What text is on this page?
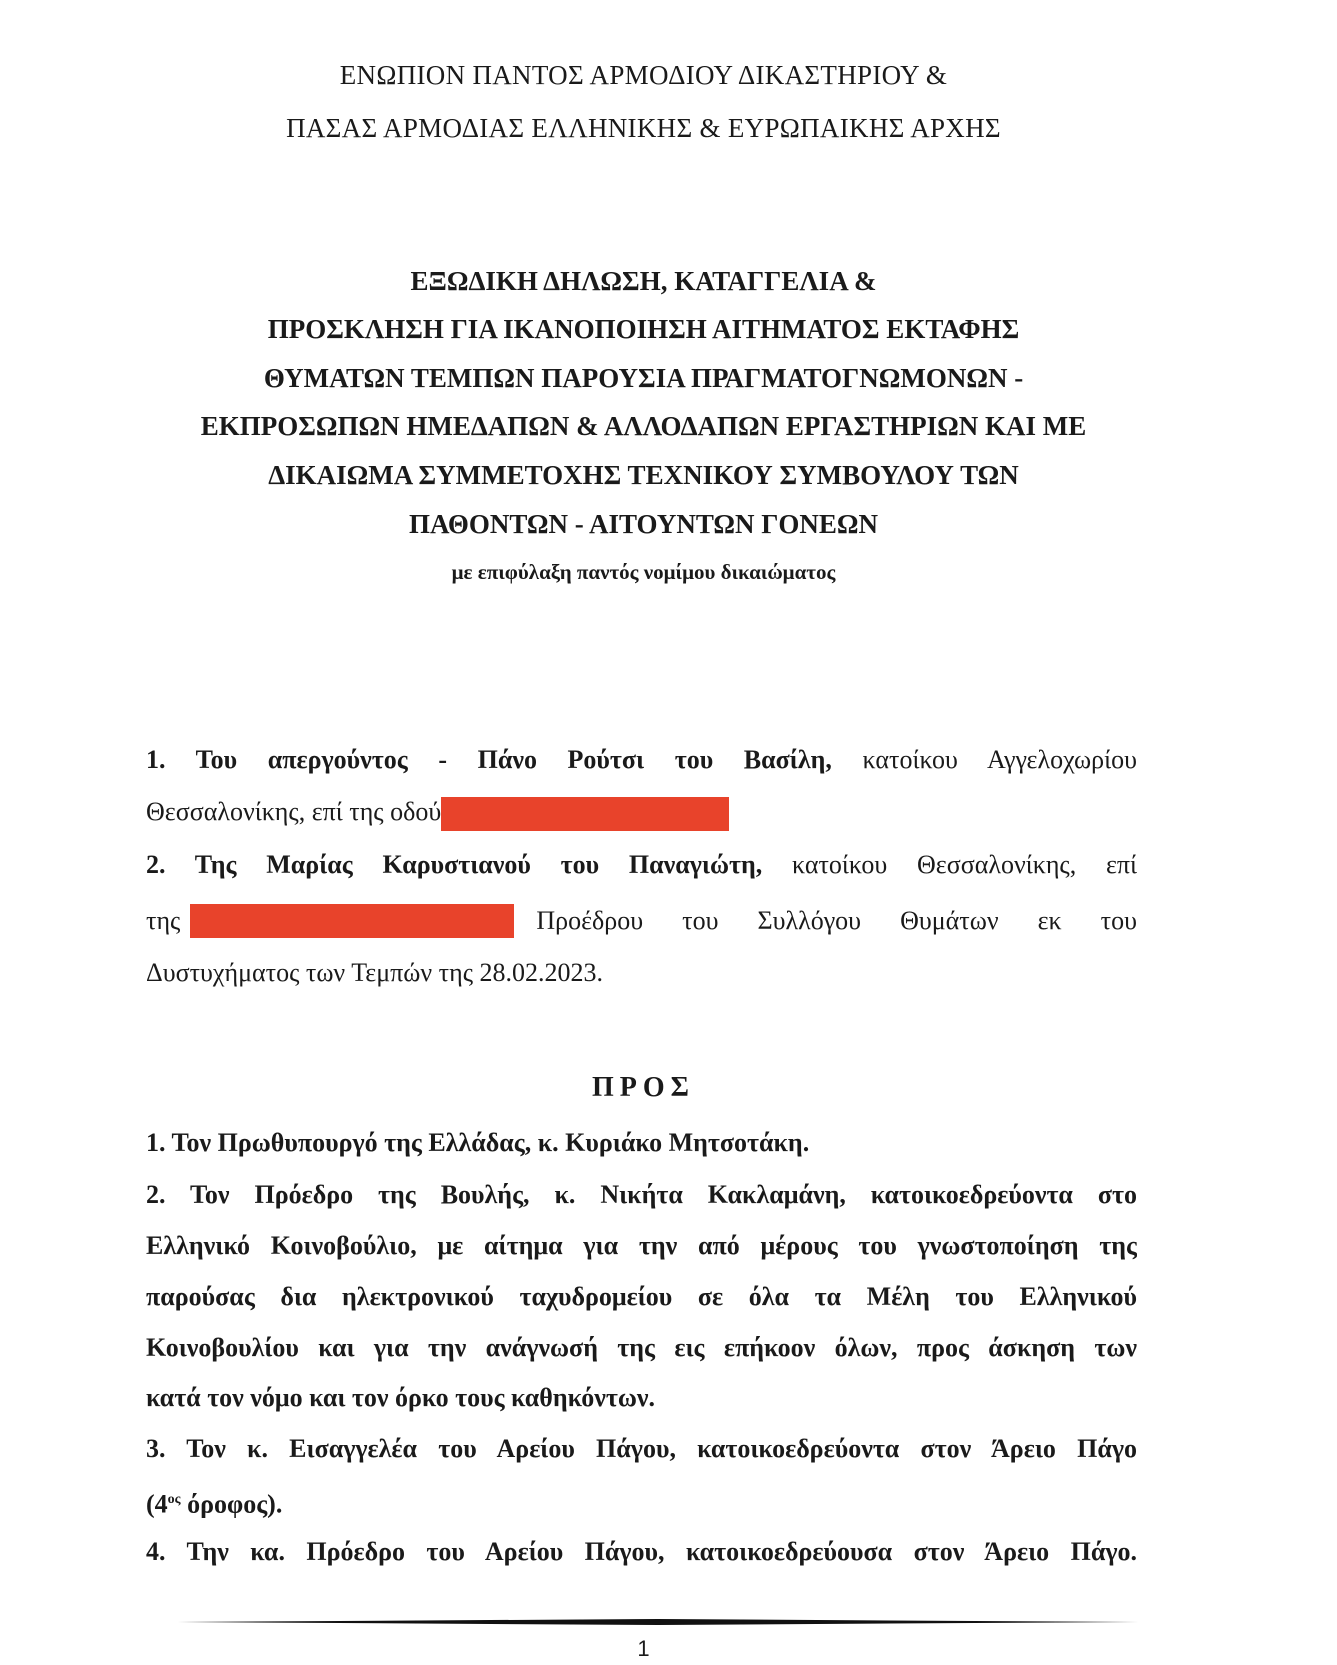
ΕΝΩΠΙΟΝ ΠΑΝΤΟΣ ΑΡΜΟΔΙΟΥ ΔΙΚΑΣΤΗΡΙΟΥ &
ΠΑΣΑΣ ΑΡΜΟΔΙΑΣ ΕΛΛΗΝΙΚΗΣ & ΕΥΡΩΠΑΙΚΗΣ ΑΡΧΗΣ
ΕΞΩΔΙΚΗ ΔΗΛΩΣΗ, ΚΑΤΑΓΓΕΛΙΑ &
ΠΡΟΣΚΛΗΣΗ ΓΙΑ ΙΚΑΝΟΠΟΙΗΣΗ ΑΙΤΗΜΑΤΟΣ ΕΚΤΑΦΗΣ
ΘΥΜΑΤΩΝ ΤΕΜΠΩΝ ΠΑΡΟΥΣΙΑ ΠΡΑΓΜΑΤΟΓΝΩΜΟΝΩΝ -
ΕΚΠΡΟΣΩΠΩΝ ΗΜΕΔΑΠΩΝ & ΑΛΛΟΔΑΠΩΝ ΕΡΓΑΣΤΗΡΙΩΝ ΚΑΙ ΜΕ
ΔΙΚΑΙΩΜΑ ΣΥΜΜΕΤΟΧΗΣ ΤΕΧΝΙΚΟΥ ΣΥΜΒΟΥΛΟΥ ΤΩΝ
ΠΑΘΟΝΤΩΝ - ΑΙΤΟΥΝΤΩΝ ΓΟΝΕΩΝ
με επιφύλαξη παντός νομίμου δικαιώματος
1. Του απεργούντος - Πάνο Ρούτσι του Βασίλη, κατοίκου Αγγελοχωρίου
Θεσσαλονίκης, επί της οδού
2. Της Μαρίας Καρυστιανού του Παναγιώτη, κατοίκου Θεσσαλονίκης, επί
της	Προέδρου του Συλλόγου Θυμάτων εκ του
Δυστυχήματος των Τεμπών της 28.02.2023.
ΠΡΟΣ
1. Τον Πρωθυπουργό της Ελλάδας, κ. Κυριάκο Μητσοτάκη.
2. Τον Πρόεδρο της Βουλής, κ. Νικήτα Κακλαμάνη, κατοικοεδρεύοντα στο
Ελληνικό Κοινοβούλιο, με αίτημα για την από μέρους του γνωστοποίηση της
παρούσας δια ηλεκτρονικού ταχυδρομείου σε όλα τα Μέλη του Ελληνικού
Κοινοβουλίου και για την ανάγνωσή της εις επήκοον όλων, προς άσκηση των
κατά τον νόμο και τον όρκο τους καθηκόντων.
3. Τον κ. Εισαγγελέα του Αρείου Πάγου, κατοικοεδρεύοντα στον Άρειο Πάγο
($4^{o\varsigma}$ όροφος).
4. Την κα. Πρόεδρο του Αρείου Πάγου, κατοικοεδρεύουσα στον Άρειο Πάγο.
1
